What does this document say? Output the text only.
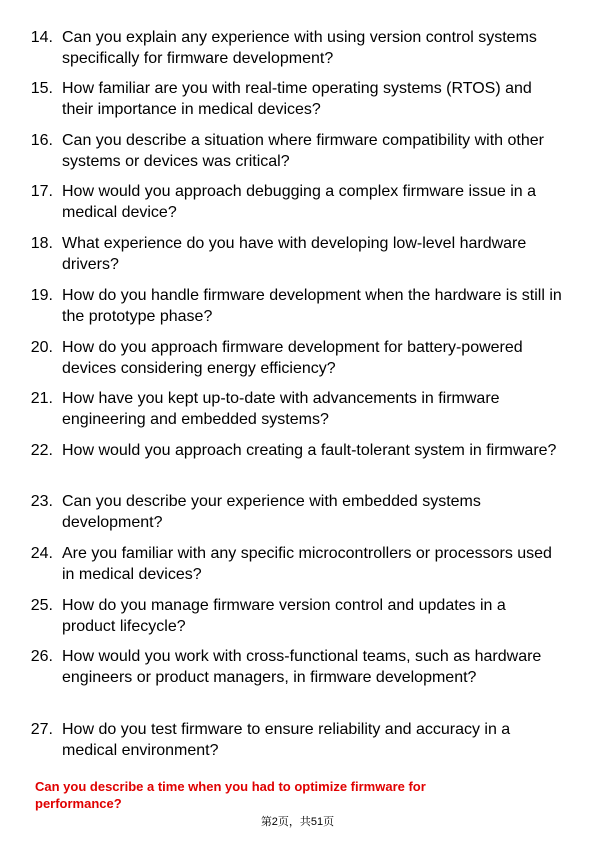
14. Can you explain any experience with using version control systems specifically for firmware development?
15. How familiar are you with real-time operating systems (RTOS) and their importance in medical devices?
16. Can you describe a situation where firmware compatibility with other systems or devices was critical?
17. How would you approach debugging a complex firmware issue in a medical device?
18. What experience do you have with developing low-level hardware drivers?
19. How do you handle firmware development when the hardware is still in the prototype phase?
20. How do you approach firmware development for battery-powered devices considering energy efficiency?
21. How have you kept up-to-date with advancements in firmware engineering and embedded systems?
22. How would you approach creating a fault-tolerant system in firmware?
23. Can you describe your experience with embedded systems development?
24. Are you familiar with any specific microcontrollers or processors used in medical devices?
25. How do you manage firmware version control and updates in a product lifecycle?
26. How would you work with cross-functional teams, such as hardware engineers or product managers, in firmware development?
27. How do you test firmware to ensure reliability and accuracy in a medical environment?
Can you describe a time when you had to optimize firmware for performance?
第2页，共51页
